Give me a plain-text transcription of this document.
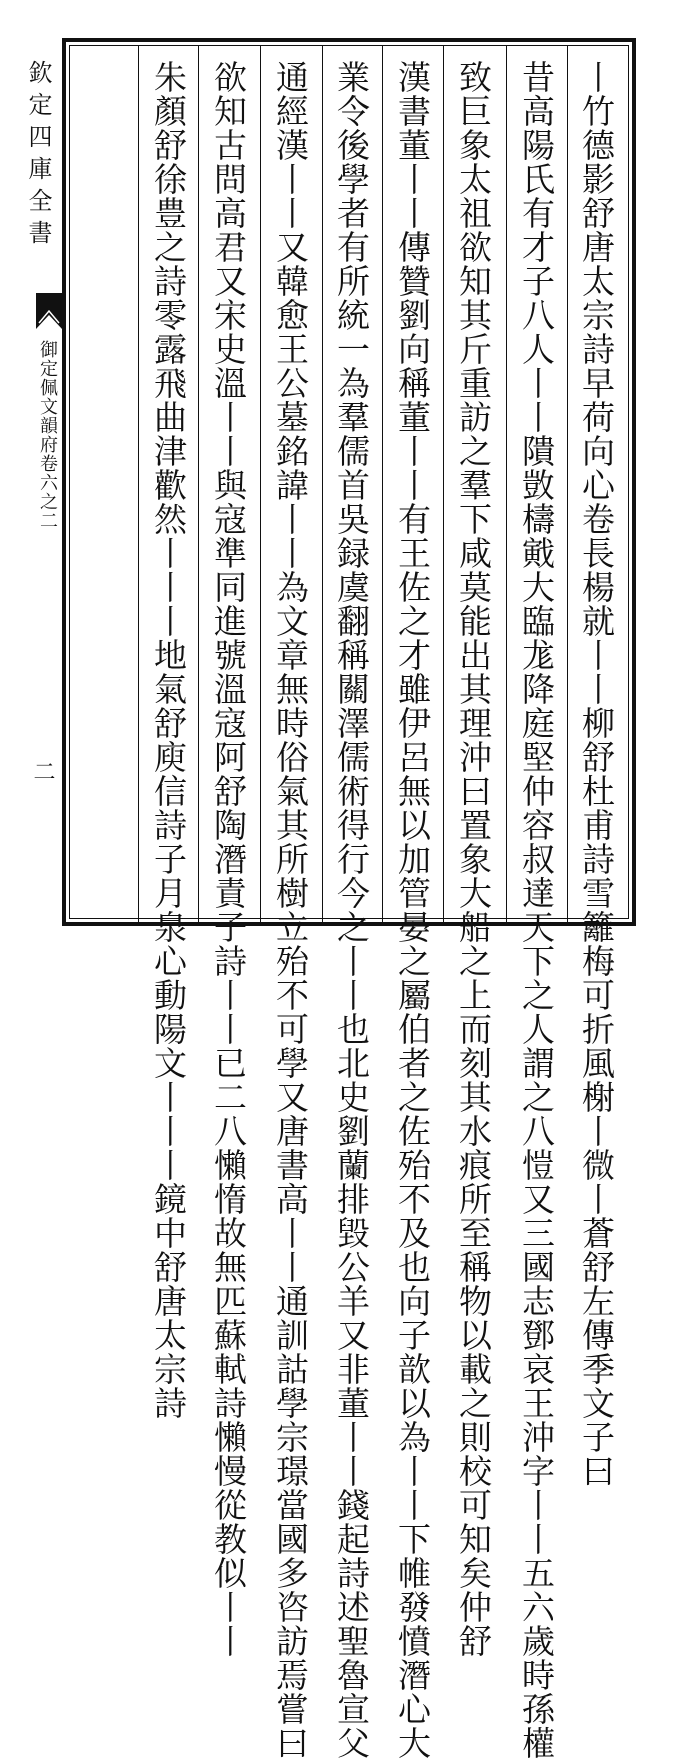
欽定四庫全書
御定佩文韻府卷六之二
二	丨竹德影舒唐太宗詩早荷向心卷長楊就丨丨柳舒杜甫詩雪籬梅可折風榭丨微丨蒼舒左傳季文子曰
昔高陽氏有才子八人丨丨隤敳檮戭大臨尨降庭堅仲容叔達天下之人謂之八愷又三國志鄧哀王沖字丨丨五六歲時孫權
致巨象太祖欲知其斤重訪之羣下咸莫能出其理沖曰置象大船之上而刻其水痕所至稱物以載之則校可知矣仲舒
漢書董丨丨傳贊劉向稱董丨丨有王佐之才雖伊呂無以加管晏之屬伯者之佐殆不及也向子歆以為丨丨下帷發憤潛心大
業令後學者有所統一為羣儒首吳録虞翻稱關澤儒術得行今之丨丨也北史劉蘭排毀公羊又非董丨丨錢起詩述聖魯宣父
通經漢丨丨又韓愈王公墓銘諱丨丨為文章無時俗氣其所樹立殆不可學又唐書高丨丨通訓詁學宗璟當國多咨訪焉嘗曰
欲知古問高君又宋史溫丨丨與寇準同進號溫寇阿舒陶潛責子詩丨丨已二八懶惰故無匹蘇軾詩懶慢從教似丨丨
朱顏舒徐豊之詩零露飛曲津歡然丨丨丨地氣舒庾信詩子月泉心動陽文丨丨丨鏡中舒唐太宗詩
